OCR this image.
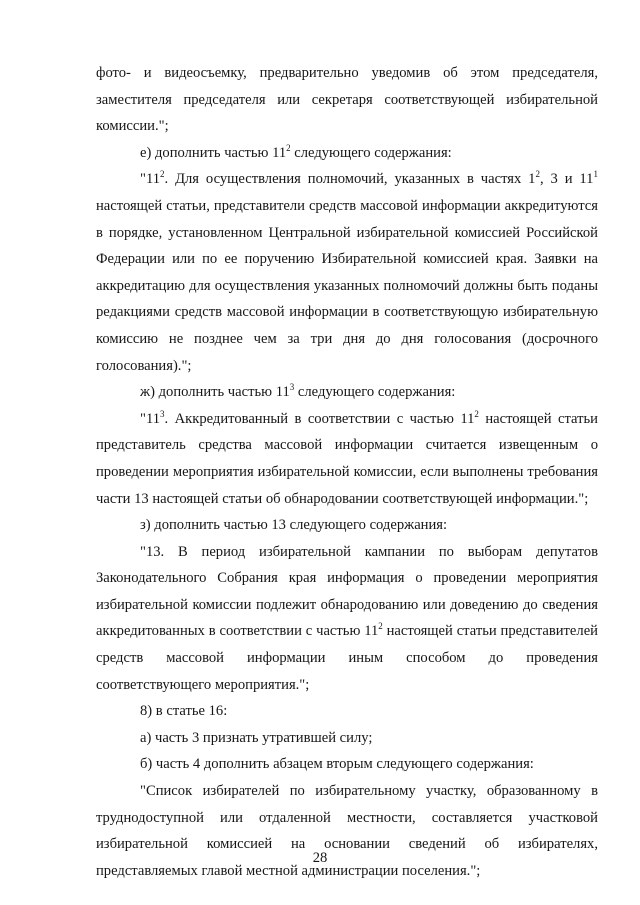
фото- и видеосъемку, предварительно уведомив об этом председателя, заместителя председателя или секретаря соответствующей избирательной комиссии.";

е) дополнить частью $11^2$ следующего содержания:

"$11^2$. Для осуществления полномочий, указанных в частях $1^2$, 3 и $11^1$ настоящей статьи, представители средств массовой информации аккредитуются в порядке, установленном Центральной избирательной комиссией Российской Федерации или по ее поручению Избирательной комиссией края. Заявки на аккредитацию для осуществления указанных полномочий должны быть поданы редакциями средств массовой информации в соответствующую избирательную комиссию не позднее чем за три дня до дня голосования (досрочного голосования).";

ж) дополнить частью $11^3$ следующего содержания:

"$11^3$. Аккредитованный в соответствии с частью $11^2$ настоящей статьи представитель средства массовой информации считается извещенным о проведении мероприятия избирательной комиссии, если выполнены требования части 13 настоящей статьи об обнародовании соответствующей информации.";

з) дополнить частью 13 следующего содержания:

"13. В период избирательной кампании по выборам депутатов Законодательного Собрания края информация о проведении мероприятия избирательной комиссии подлежит обнародованию или доведению до сведения аккредитованных в соответствии с частью $11^2$ настоящей статьи представителей средств массовой информации иным способом до проведения соответствующего мероприятия.";

8) в статье 16:

а) часть 3 признать утратившей силу;

б) часть 4 дополнить абзацем вторым следующего содержания:

"Список избирателей по избирательному участку, образованному в труднодоступной или отдаленной местности, составляется участковой избирательной комиссией на основании сведений об избирателях, представляемых главой местной администрации поселения.";

28
